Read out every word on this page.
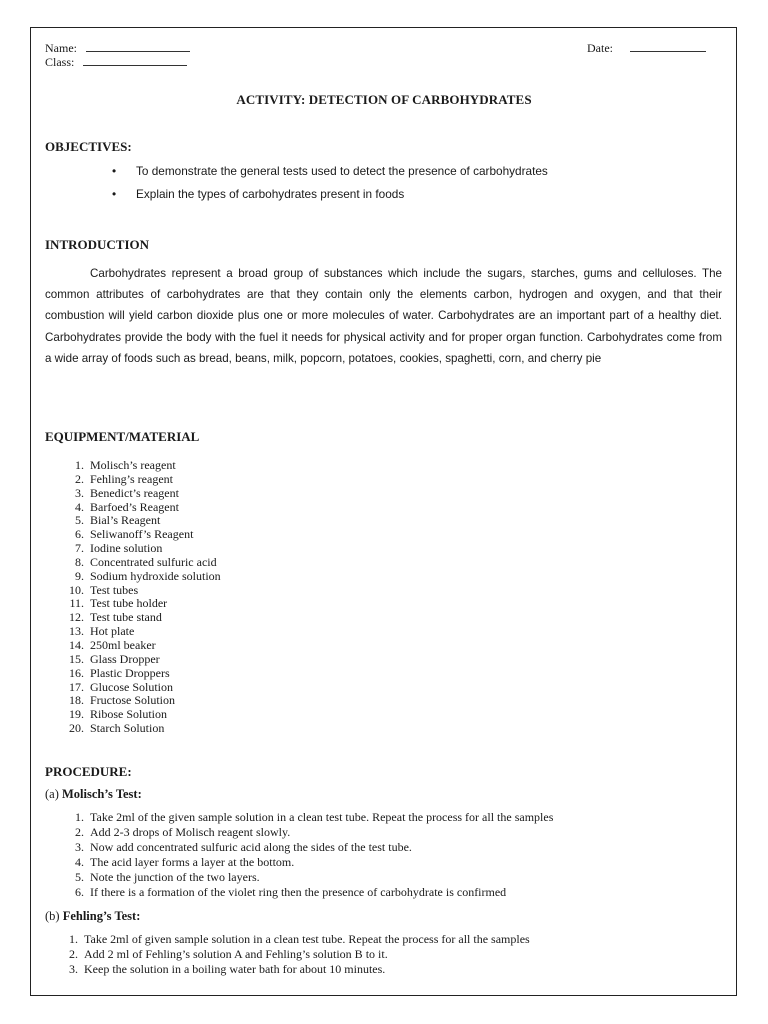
Name:
Class:
Date:
ACTIVITY: DETECTION OF CARBOHYDRATES
OBJECTIVES:
• To demonstrate the general tests used to detect the presence of carbohydrates
• Explain the types of carbohydrates present in foods
INTRODUCTION

Carbohydrates represent a broad group of substances which include the sugars, starches, gums and celluloses. The common attributes of carbohydrates are that they contain only the elements carbon, hydrogen and oxygen, and that their combustion will yield carbon dioxide plus one or more molecules of water. Carbohydrates are an important part of a healthy diet. Carbohydrates provide the body with the fuel it needs for physical activity and for proper organ function. Carbohydrates come from a wide array of foods such as bread, beans, milk, popcorn, potatoes, cookies, spaghetti, corn, and cherry pie

EQUIPMENT/MATERIAL
1. Molisch’s reagent
2. Fehling’s reagent
3. Benedict’s reagent
4. Barfoed’s Reagent
5. Bial’s Reagent
6. Seliwanoff’s Reagent
7. Iodine solution
8. Concentrated sulfuric acid
9. Sodium hydroxide solution
10. Test tubes
11. Test tube holder
12. Test tube stand
13. Hot plate
14. 250ml beaker
15. Glass Dropper
16. Plastic Droppers
17. Glucose Solution
18. Fructose Solution
19. Ribose Solution
20. Starch Solution
PROCEDURE:
(a) Molisch’s Test:
1. Take 2ml of the given sample solution in a clean test tube. Repeat the process for all the samples
2. Add 2-3 drops of Molisch reagent slowly.
3. Now add concentrated sulfuric acid along the sides of the test tube.
4. The acid layer forms a layer at the bottom.
5. Note the junction of the two layers.
6. If there is a formation of the violet ring then the presence of carbohydrate is confirmed
(b) Fehling’s Test:
1. Take 2ml of given sample solution in a clean test tube. Repeat the process for all the samples
2. Add 2 ml of Fehling’s solution A and Fehling’s solution B to it.
3. Keep the solution in a boiling water bath for about 10 minutes.
